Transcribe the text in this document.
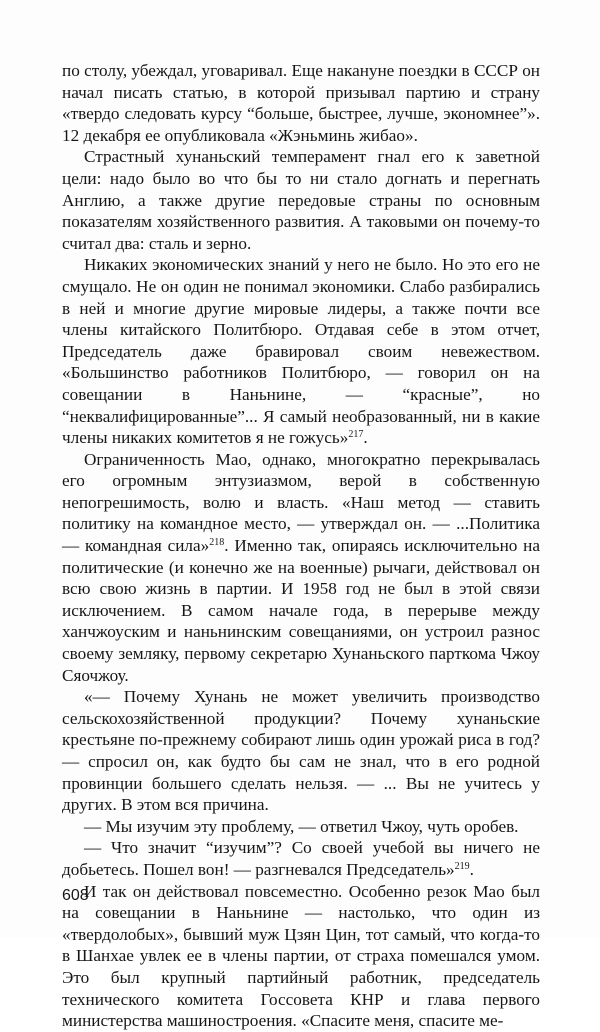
по столу, убеждал, уговаривал. Еще накануне поездки в СССР он начал писать статью, в которой призывал партию и страну «твердо следовать курсу “больше, быстрее, лучше, экономнее”». 12 декабря ее опубликовала «Жэньминь жибао».

Страстный хунаньский темперамент гнал его к заветной цели: надо было во что бы то ни стало догнать и перегнать Англию, а также другие передовые страны по основным показателям хозяйственного развития. А таковыми он почему-то считал два: сталь и зерно.

Никаких экономических знаний у него не было. Но это его не смущало. Не он один не понимал экономики. Слабо разбирались в ней и многие другие мировые лидеры, а также почти все члены китайского Политбюро. Отдавая себе в этом отчет, Председатель даже бравировал своим невежеством. «Большинство работников Политбюро, — говорил он на совещании в Наньнине, — “красные”, но “неквалифицированные”... Я самый необразованный, ни в какие члены никаких комитетов я не гожусь»$^{217}$.

Ограниченность Мао, однако, многократно перекрывалась его огромным энтузиазмом, верой в собственную непогрешимость, волю и власть. «Наш метод — ставить политику на командное место, — утверждал он. — ...Политика — командная сила»$^{218}$. Именно так, опираясь исключительно на политические (и конечно же на военные) рычаги, действовал он всю свою жизнь в партии. И 1958 год не был в этой связи исключением. В самом начале года, в перерыве между ханчжоуским и наньнинским совещаниями, он устроил разнос своему земляку, первому секретарю Хунаньского парткома Чжоу Сяочжоу.

«— Почему Хунань не может увеличить производство сельскохозяйственной продукции? Почему хунаньские крестьяне по-прежнему собирают лишь один урожай риса в год? — спросил он, как будто бы сам не знал, что в его родной провинции большего сделать нельзя. — ... Вы не учитесь у других. В этом вся причина.

— Мы изучим эту проблему, — ответил Чжоу, чуть оробев.

— Что значит “изучим”? Со своей учебой вы ничего не добьетесь. Пошел вон! — разгневался Председатель»$^{219}$.

И так он действовал повсеместно. Особенно резок Мао был на совещании в Наньнине — настолько, что один из «твердолобых», бывший муж Цзян Цин, тот самый, что когда-то в Шанхае увлек ее в члены партии, от страха помешался умом. Это был крупный партийный работник, председатель технического комитета Госсовета КНР и глава первого министерства машиностроения. «Спасите меня, спасите ме-

608
